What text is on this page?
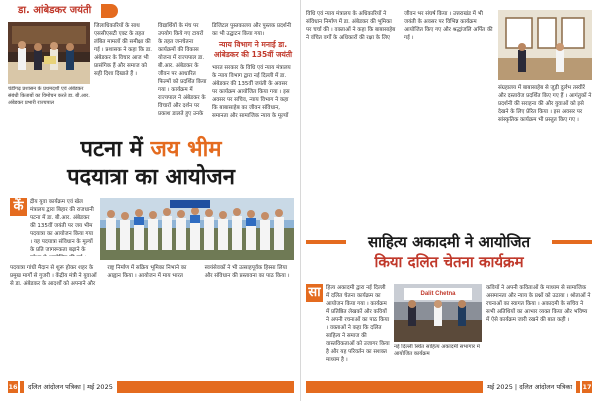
डा. आंबेडकर जयंती
चंडीगढ़ प्रशासन के प्रथमदर्शी एवं अंबेडकर संबंधी किताबों का विमोचन करते डा. बी.आर. अंबेडकर प्रभारी राज्यपाल
जिलाधिकारियों के साथ एससीएसटी एक्ट के तहत लंबित मामलों की समीक्षा की गई । प्रशासक ने कहा कि डा. अंबेडकर के विचार आज भी प्रासंगिक हैं और समाज को सही दिशा दिखाते हैं ।
विद्यार्थियों के मंच पर उपयोग किये गए टायरों के तहत जनचेतना कार्यक्रमों की विकास योजना में राज्यपाल डा. बी.आर. अंबेडकर के जीवन पर आधारित फिल्मों को प्रदर्शित किया गया । कार्यक्रम में राज्यपाल ने अंबेडकर के विचारों और दर्शन पर प्रकाश डालते हुए उनके
डिजिटल पुस्तकालय और पुस्तक प्रदर्शनी का भी उद्घाटन किया गया।
न्याय विभाग ने मनाई डा. आंबेडकर की 135वीं जयंती
भारत सरकार के विधि एवं न्याय मंत्रालय के न्याय विभाग द्वारा नई दिल्ली में डा. अंबेडकर की 135वीं जयंती के अवसर पर कार्यक्रम आयोजित किया गया । इस अवसर पर सचिव, न्याय विभाग ने कहा कि बाबासाहेब का जीवन संविधान, समानता और सामाजिक न्याय के मूल्यों
पटना में जय भीम
पदयात्रा का आयोजन
कें	द्रीय युवा कार्यक्रम एवं खेल मंत्रालय द्वारा बिहार की राजधानी पटना में डा. बी.आर. अंबेडकर की 135वीं जयंती पर जय भीम पदयात्रा का आयोजन किया गया । यह पदयात्रा संविधान के मूल्यों के प्रति जागरूकता बढ़ाने के
पदयात्रा गांधी मैदान से शुरू होकर शहर के प्रमुख मार्गों से गुजरी । केंद्रीय मंत्री ने युवाओं से डा. अंबेडकर के आदर्शों को अपनाने और राष्ट्र निर्माण में सक्रिय भूमिका निभाने का आह्वान किया । आयोजन में माय भारत स्वयंसेवकों ने भी उत्साहपूर्वक हिस्सा लिया और संविधान की प्रस्तावना का पाठ किया ।
16	दलित आंदोलन पत्रिका | मई 2025
विधि एवं न्याय मंत्रालय के अधिकारियों ने संविधान निर्माण में डा. अंबेडकर की भूमिका पर चर्चा की । वक्ताओं ने कहा कि बाबासाहेब ने वंचित वर्गों के अधिकारों की रक्षा के लिए जीवन भर संघर्ष किया । उत्तराखंड में भी जयंती के अवसर पर विभिन्न कार्यक्रम आयोजित किए गए और श्रद्धांजलि अर्पित की गई ।
संग्रहालय में बाबासाहेब से जुड़ी दुर्लभ तस्वीरें और दस्तावेज प्रदर्शित किए गए हैं । आगंतुकों ने प्रदर्शनी की सराहना की और युवाओं को इसे देखने के लिए प्रेरित किया । इस अवसर पर सांस्कृतिक कार्यक्रम भी प्रस्तुत किए गए ।
साहित्य अकादमी ने आयोजित
किया दलित चेतना कार्यक्रम
सा हित्य अकादमी द्वारा नई दिल्ली में दलित चेतना कार्यक्रम का आयोजन किया गया । कार्यक्रम में प्रतिष्ठित लेखकों और कवियों ने अपनी रचनाओं का पाठ किया । वक्ताओं ने कहा कि दलित साहित्य ने समाज की वास्तविकताओं को उजागर किया है और यह परिवर्तन का सशक्त माध्यम है ।
Dalit Chetna
नई दिल्ली स्थित साहित्य अकादमी सभागार में आयोजित कार्यक्रम
कवियों ने अपनी कविताओं के माध्यम से सामाजिक असमानता और न्याय के प्रश्नों को उठाया । श्रोताओं ने रचनाओं का स्वागत किया । अकादमी के सचिव ने सभी अतिथियों का आभार व्यक्त किया और भविष्य में ऐसे कार्यक्रम जारी रखने की बात कही ।
मई 2025 | दलित आंदोलन पत्रिका	17
